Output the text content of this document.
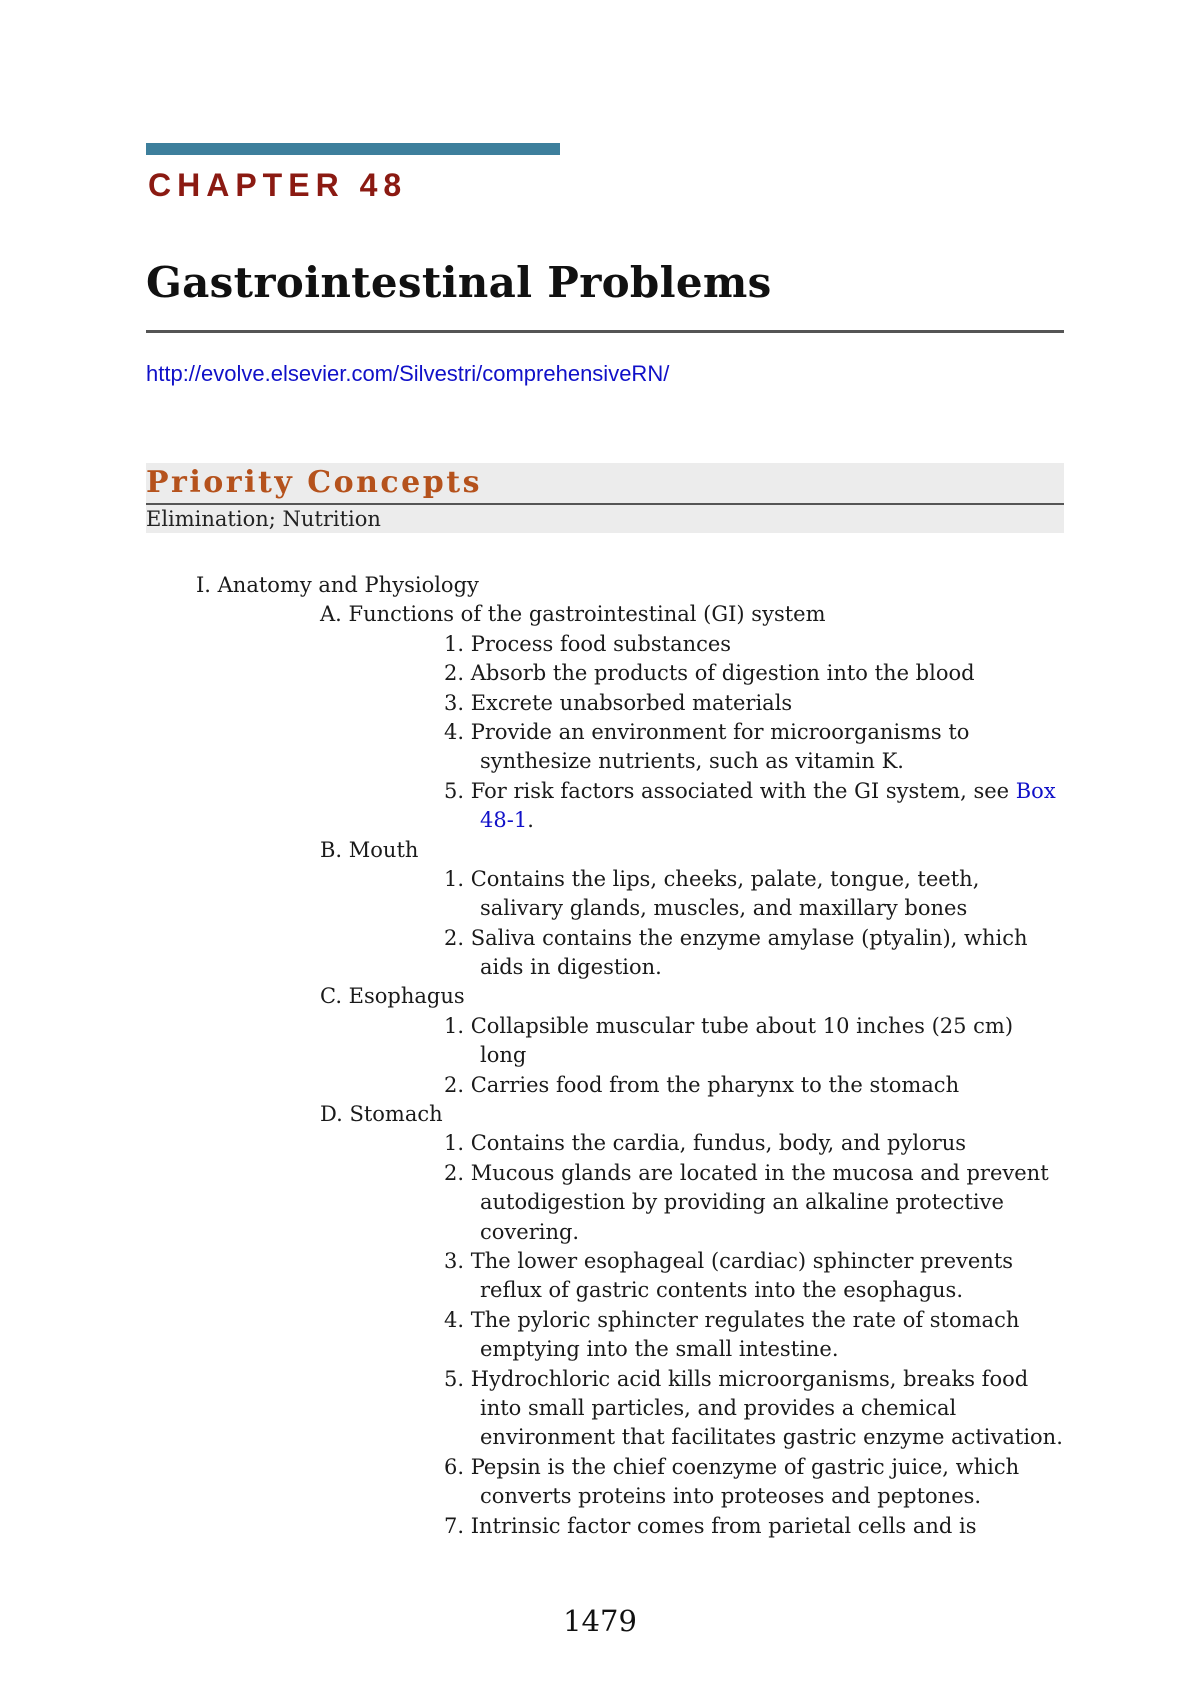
CHAPTER 48
Gastrointestinal Problems
http://evolve.elsevier.com/Silvestri/comprehensiveRN/
Priority Concepts
Elimination; Nutrition
I. Anatomy and Physiology
A. Functions of the gastrointestinal (GI) system
1. Process food substances
2. Absorb the products of digestion into the blood
3. Excrete unabsorbed materials
4. Provide an environment for microorganisms to
synthesize nutrients, such as vitamin K.
5. For risk factors associated with the GI system, see Box
48-1.
B. Mouth
1. Contains the lips, cheeks, palate, tongue, teeth,
salivary glands, muscles, and maxillary bones
2. Saliva contains the enzyme amylase (ptyalin), which
aids in digestion.
C. Esophagus
1. Collapsible muscular tube about 10 inches (25 cm)
long
2. Carries food from the pharynx to the stomach
D. Stomach
1. Contains the cardia, fundus, body, and pylorus
2. Mucous glands are located in the mucosa and prevent
autodigestion by providing an alkaline protective
covering.
3. The lower esophageal (cardiac) sphincter prevents
reflux of gastric contents into the esophagus.
4. The pyloric sphincter regulates the rate of stomach
emptying into the small intestine.
5. Hydrochloric acid kills microorganisms, breaks food
into small particles, and provides a chemical
environment that facilitates gastric enzyme activation.
6. Pepsin is the chief coenzyme of gastric juice, which
converts proteins into proteoses and peptones.
7. Intrinsic factor comes from parietal cells and is
1479
